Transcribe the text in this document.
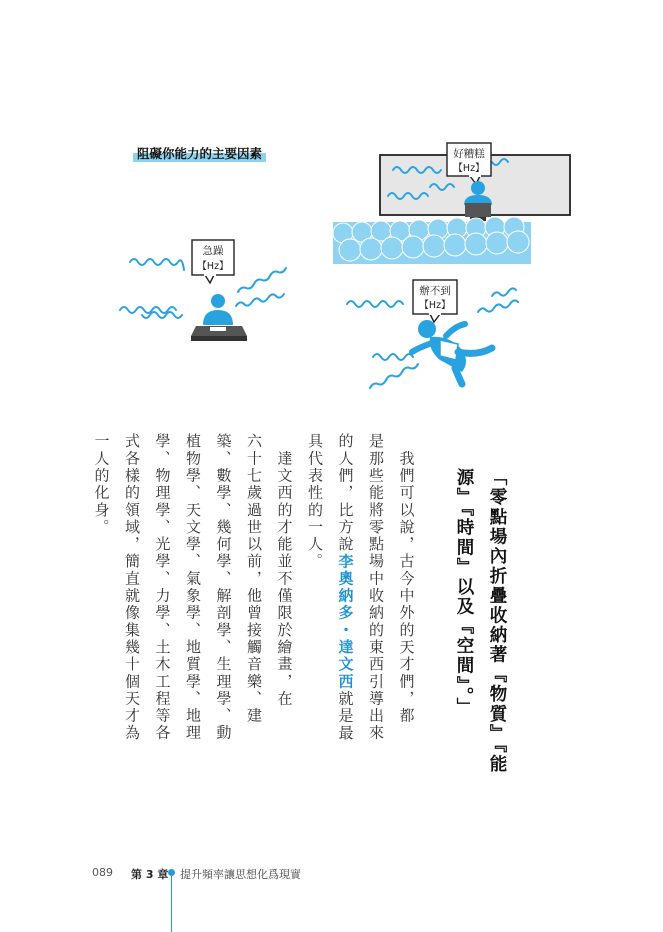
阻礙你能力的主要因素
急躁
【Hz】
好糟糕
【Hz】
辦不到
【Hz】
「零點場內折疊收納著『物質』『能
源』『時間』以及『空間』。」
　我們可以說，古今中外的天才們，都
是那些能將零點場中收納的東西引導出來
的人們，比方說李奧納多・達文西就是最
具代表性的一人。
　達文西的才能並不僅限於繪畫，在
六十七歲過世以前，他曾接觸音樂、建
築、數學、幾何學、解剖學、生理學、動
植物學、天文學、氣象學、地質學、地理
學、物理學、光學、力學、土木工程等各
式各樣的領域，簡直就像集幾十個天才為
一人的化身。
089 第 3 章 提升頻率讓思想化爲現實
